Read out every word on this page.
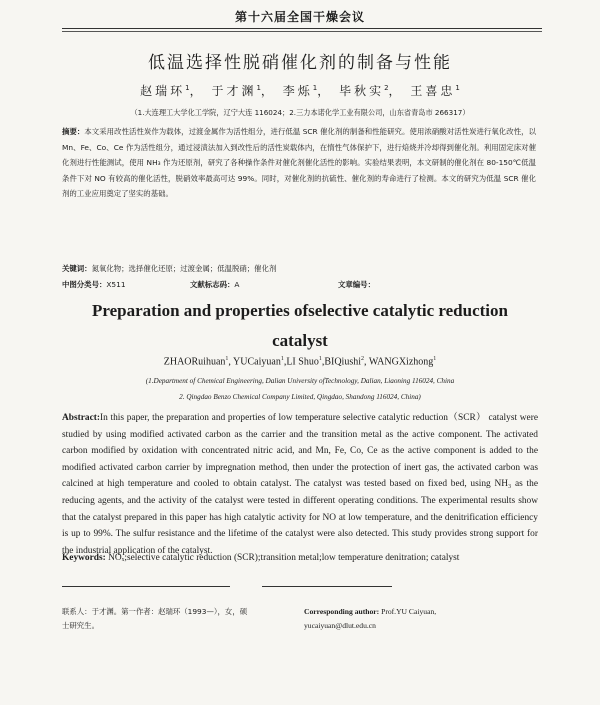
第十六届全国干燥会议
低温选择性脱硝催化剂的制备与性能
赵瑞环$^1$， 于才渊$^1$， 李烁$^1$， 毕秋实$^2$， 王喜忠$^1$
（1.大连理工大学化工学院，辽宁大连 116024；2.三力本诺化学工业有限公司，山东省青岛市 266317）
摘要：本文采用改性活性炭作为载体，过渡金属作为活性组分，进行低温 SCR 催化剂的制备和性能研究。使用浓硝酸对活性炭进行氧化改性，以 Mn、Fe、Co、Ce 作为活性组分，通过浸渍法加入到改性后的活性炭载体内，在惰性气体保护下，进行焙烧并冷却得到催化剂。利用固定床对催化剂进行性能测试，使用 NH₃ 作为还原剂，研究了各种操作条件对催化剂催化活性的影响。实验结果表明，本文研制的催化剂在 80-150℃低温条件下对 NO 有较高的催化活性，脱硝效率最高可达 99%。同时，对催化剂的抗硫性、催化剂的寿命进行了检测。本文的研究为低温 SCR 催化剂的工业应用奠定了坚实的基础。
关键词：氮氧化物；选择催化还原；过渡金属；低温脱硝；催化剂
中图分类号：X511	文献标志码：A	文章编号：
Preparation and properties ofselective catalytic reduction catalyst
ZHAORuihuan$^1$, YUCaiyuan$^1$,LI Shuo$^1$,BIQiushi$^2$, WANGXizhong$^1$
(1.Department of Chemical Engineering, Dalian University ofTechnology, Dalian, Liaoning 116024, China
2. Qingdao Benzo Chemical Company Limited, Qingdao, Shandong 116024, China)
Abstract:In this paper, the preparation and properties of low temperature selective catalytic reduction（SCR） catalyst were studied by using modified activated carbon as the carrier and the transition metal as the active component. The activated carbon modified by oxidation with concentrated nitric acid, and Mn, Fe, Co, Ce as the active component is added to the modified activated carbon carrier by impregnation method, then under the protection of inert gas, the activated carbon was calcined at high temperature and cooled to obtain catalyst. The catalyst was tested based on fixed bed, using NH₃ as the reducing agents, and the activity of the catalyst were tested in different operating conditions. The experimental results show that the catalyst prepared in this paper has high catalytic activity for NO at low temperature, and the denitrification efficiency is up to 99%. The sulfur resistance and the lifetime of the catalyst were also detected. This study provides strong support for the industrial application of the catalyst.
Keywords: NOₓ;selective catalytic reduction (SCR);transition metal;low temperature denitration; catalyst
联系人：于才渊。第一作者：赵瑞环（1993—），女，硕士研究生。
Corresponding author: Prof.YU Caiyuan,
yucaiyuan@dlut.edu.cn
